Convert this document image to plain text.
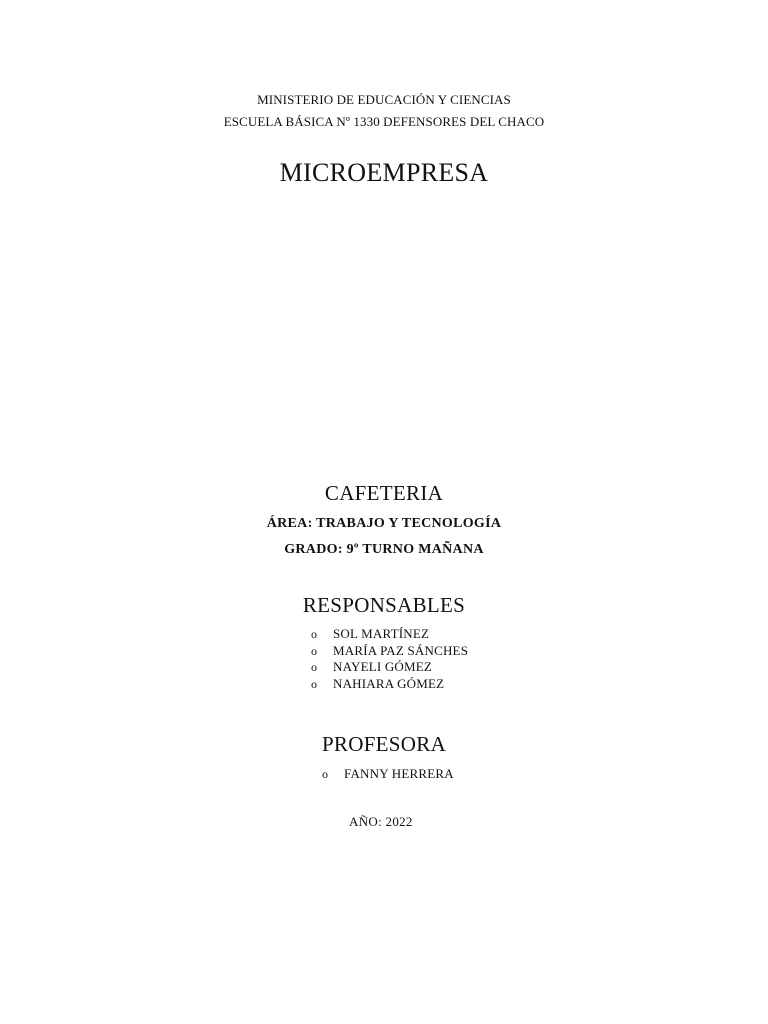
MINISTERIO DE EDUCACIÓN Y CIENCIAS
ESCUELA BÁSICA Nº 1330 DEFENSORES DEL CHACO
MICROEMPRESA
CAFETERIA
ÁREA: TRABAJO Y TECNOLOGÍA
GRADO: 9º TURNO MAÑANA
RESPONSABLES
o SOL MARTÍNEZ
o MARÍA PAZ SÁNCHES
o NAYELI GÓMEZ
o NAHIARA GÓMEZ
PROFESORA
o FANNY HERRERA
AÑO: 2022
